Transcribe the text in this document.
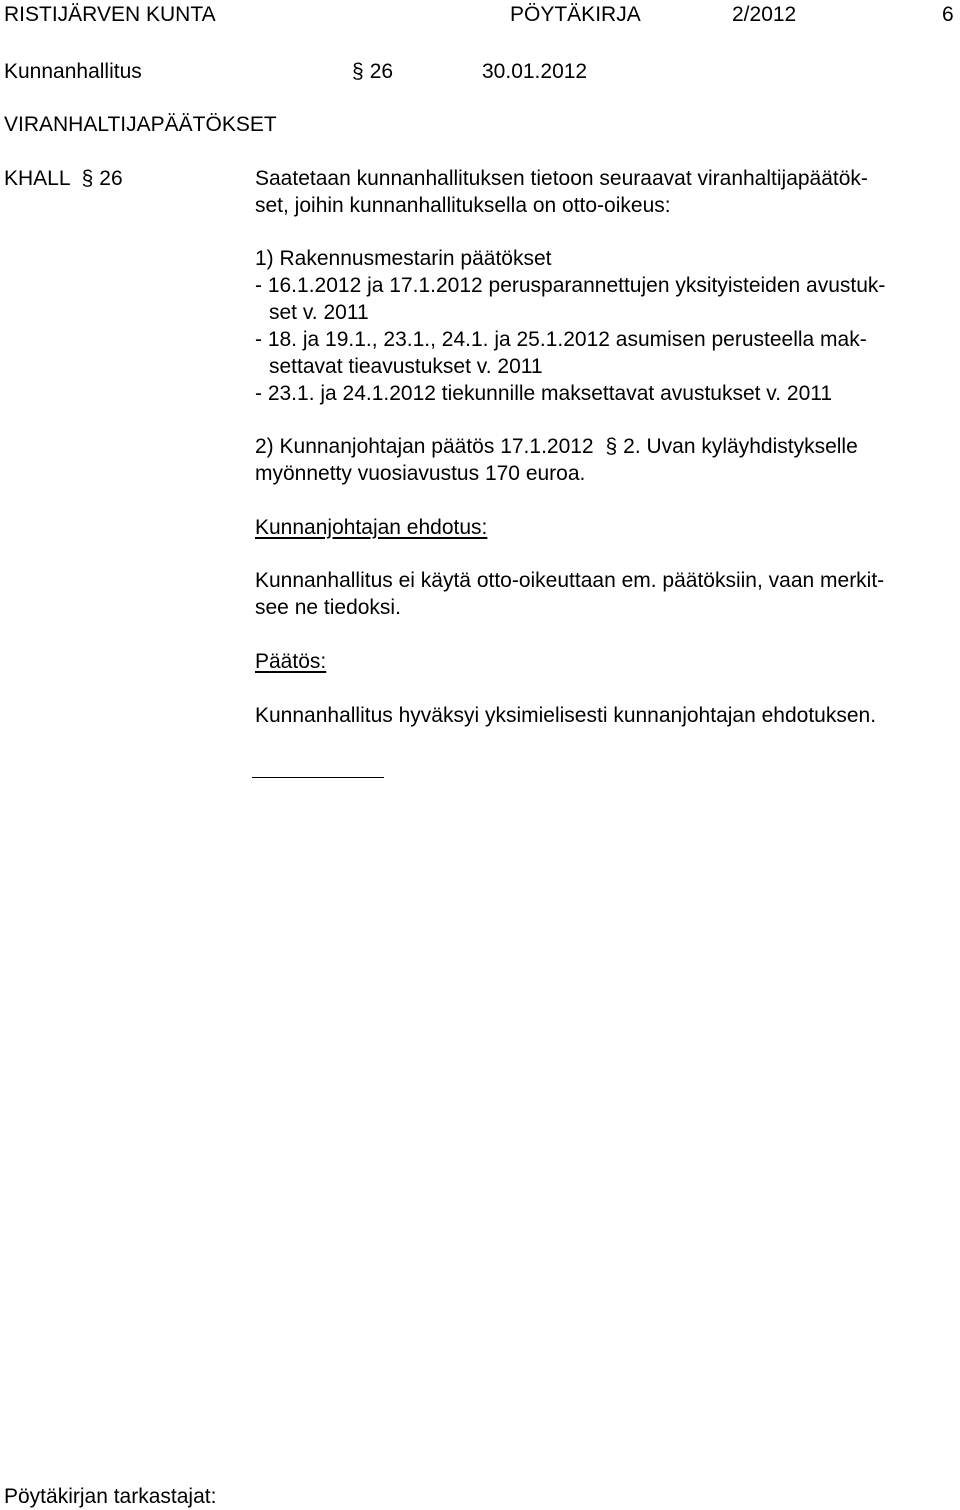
RISTIJÄRVEN KUNTA	PÖYTÄKIRJA	2/2012	6
Kunnanhallitus	§ 26	30.01.2012
VIRANHALTIJAPÄÄTÖKSET
KHALL § 26	Saatetaan kunnanhallituksen tietoon seuraavat viranhaltijapäätök-
set, joihin kunnanhallituksella on otto-oikeus:
1) Rakennusmestarin päätökset
- 16.1.2012 ja 17.1.2012 perusparannettujen yksityisteiden avustuk-
set v. 2011
- 18. ja 19.1., 23.1., 24.1. ja 25.1.2012 asumisen perusteella mak-
settavat tieavustukset v. 2011
- 23.1. ja 24.1.2012 tiekunnille maksettavat avustukset v. 2011
2) Kunnanjohtajan päätös 17.1.2012 § 2. Uvan kyläyhdistykselle
myönnetty vuosiavustus 170 euroa.
Kunnanjohtajan ehdotus:
Kunnanhallitus ei käytä otto-oikeuttaan em. päätöksiin, vaan merkit-
see ne tiedoksi.
Päätös:
Kunnanhallitus hyväksyi yksimielisesti kunnanjohtajan ehdotuksen.
Pöytäkirjan tarkastajat:
